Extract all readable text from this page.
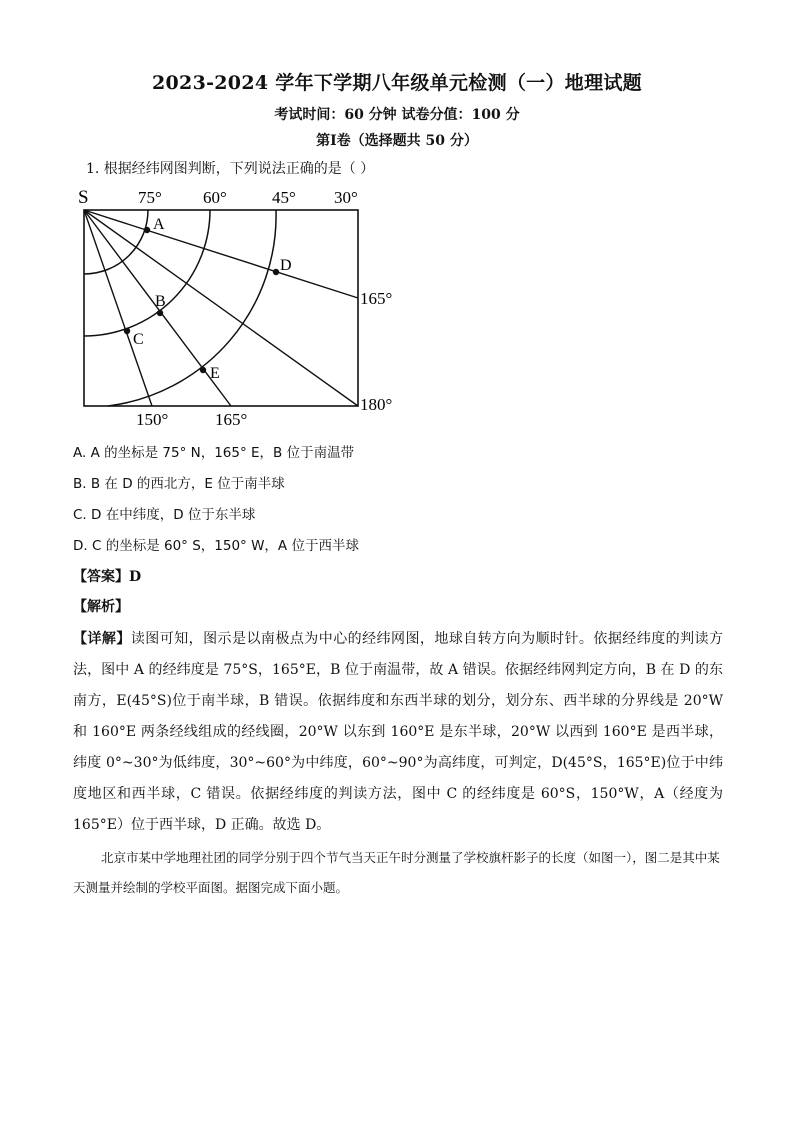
2023-2024 学年下学期八年级单元检测（一）地理试题
考试时间：60 分钟 试卷分值：100 分
第Ⅰ卷（选择题共 50 分）
1. 根据经纬网图判断，下列说法正确的是（ ）
S	75° 60°	45° 30°
165°
180°
150°	165°
A
B
C
D
E
A. A 的坐标是 75° N，165° E，B 位于南温带
B. B 在 D 的西北方，E 位于南半球
C. D 在中纬度，D 位于东半球
D. C 的坐标是 60° S，150° W，A 位于西半球
【答案】D
【解析】
【详解】读图可知，图示是以南极点为中心的经纬网图，地球自转方向为顺时针。依据经纬度的判读方法，图中 A 的经纬度是 75°S，165°E，B 位于南温带，故 A 错误。依据经纬网判定方向，B 在 D 的东南方，E(45°S)位于南半球，B 错误。依据纬度和东西半球的划分，划分东、西半球的分界线是 20°W 和 160°E 两条经线组成的经线圈，20°W 以东到 160°E 是东半球，20°W 以西到 160°E 是西半球，纬度 0°~30°为低纬度，30°~60°为中纬度，60°~90°为高纬度，可判定，D(45°S，165°E)位于中纬度地区和西半球，C 错误。依据经纬度的判读方法，图中 C 的经纬度是 60°S，150°W，A（经度为 165°E）位于西半球，D 正确。故选 D。
北京市某中学地理社团的同学分别于四个节气当天正午时分测量了学校旗杆影子的长度（如图一），图二是其中某天测量并绘制的学校平面图。据图完成下面小题。
